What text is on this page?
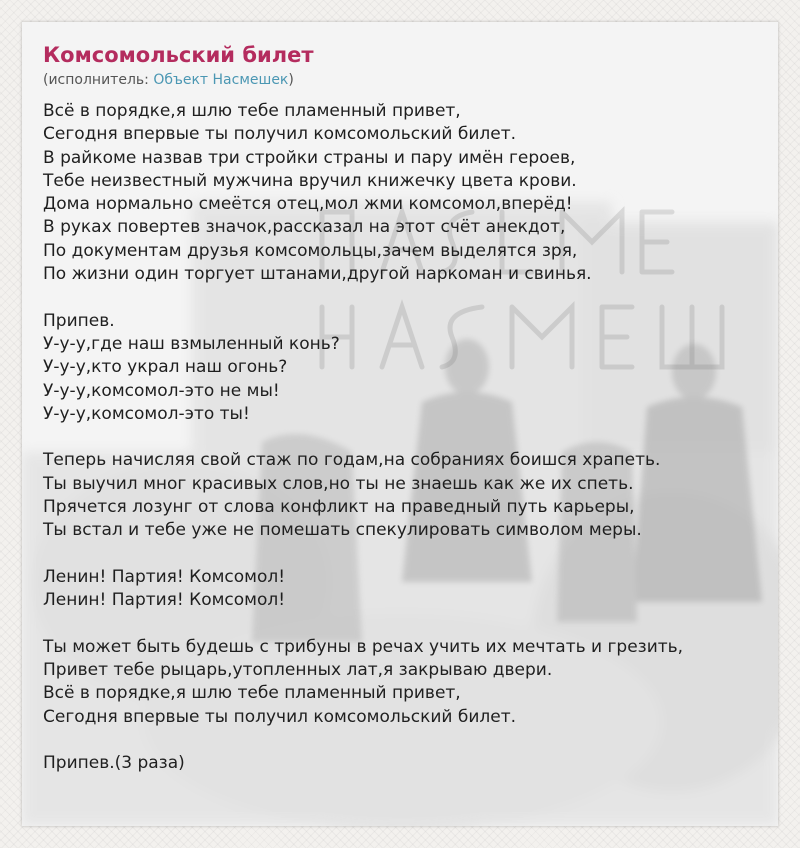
Комсомольский билет
(исполнитель: Объект Насмешек)
Всё в порядке,я шлю тебе пламенный привет,
Сегодня впервые ты получил комсомольский билет.
В райкоме назвав три стройки страны и пару имён героев,
Тебе неизвестный мужчина вручил книжечку цвета крови.
Дома нормально смеётся отец,мол жми комсомол,вперёд!
В руках повертев значок,рассказал на этот счёт анекдот,
По документам друзья комсомольцы,зачем выделятся зря,
По жизни один торгует штанами,другой наркоман и свинья.

Припев.
У-у-у,где наш взмыленный конь?
У-у-у,кто украл наш огонь?
У-у-у,комсомол-это не мы!
У-у-у,комсомол-это ты!

Теперь начисляя свой стаж по годам,на собраниях боишся храпеть.
Ты выучил мног красивых слов,но ты не знаешь как же их спеть.
Прячется лозунг от слова конфликт на праведный путь карьеры,
Ты встал и тебе уже не помешать спекулировать символом меры.

Ленин! Партия! Комсомол!
Ленин! Партия! Комсомол!

Ты может быть будешь с трибуны в речах учить их мечтать и грезить,
Привет тебе рыцарь,утопленных лат,я закрываю двери.
Всё в порядке,я шлю тебе пламенный привет,
Сегодня впервые ты получил комсомольский билет.

Припев.(3 раза)
